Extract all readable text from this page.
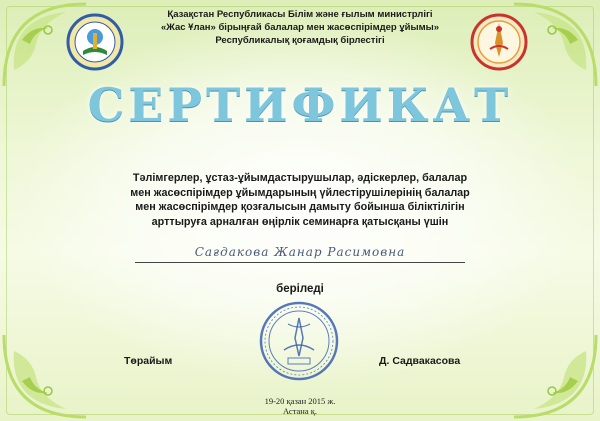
Қазақстан Республикасы Білім және ғылым министрлігі
«Жас Ұлан» бірыңғай балалар мен жасөспірімдер ұйымы»
Республикалық қоғамдық бірлестігі
СЕРТИФИКАТ
Тәлімгерлер, ұстаз-ұйымдастырушылар, әдіскерлер, балалар
мен жасөспірімдер ұйымдарының үйлестірушілерінің балалар
мен жасөспірімдер қозғалысын дамыту бойынша біліктілігін
арттыруға арналған өңірлік семинарға қатысқаны үшін
Сағдакова Жанар Расимовна
беріледі
Төрайым	Д. Садвакасова
19-20 қазан 2015 ж.
Астана қ.
